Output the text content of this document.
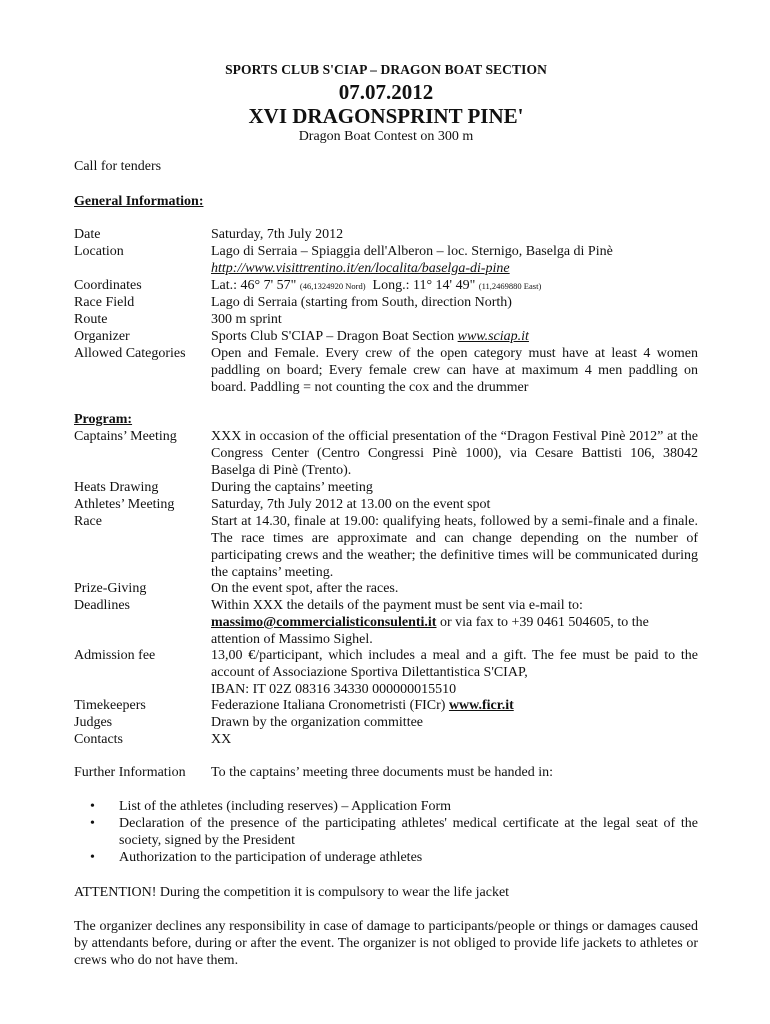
SPORTS CLUB S'CIAP – DRAGON BOAT SECTION
07.07.2012
XVI DRAGONSPRINT PINE'
Dragon Boat Contest on 300 m
Call for tenders
General Information:
Date	Saturday, 7th July 2012
Location	Lago di Serraia – Spiaggia dell'Alberon – loc. Sternigo, Baselga di Pinè
http://www.visittrentino.it/en/localita/baselga-di-pine
Coordinates	Lat.: 46° 7' 57" (46,1324920 Nord) Long.: 11° 14' 49" (11,2469880 East)
Race Field	Lago di Serraia (starting from South, direction North)
Route	300 m sprint
Organizer	Sports Club S'CIAP – Dragon Boat Section www.sciap.it
Allowed Categories	Open and Female. Every crew of the open category must have at least 4 women paddling on board; Every female crew can have at maximum 4 men paddling on board. Paddling = not counting the cox and the drummer
Program:
Captains’ Meeting	XXX in occasion of the official presentation of the “Dragon Festival Pinè 2012” at the Congress Center (Centro Congressi Pinè 1000), via Cesare Battisti 106, 38042 Baselga di Pinè (Trento).
Heats Drawing	During the captains’ meeting
Athletes’ Meeting	Saturday, 7th July 2012 at 13.00 on the event spot
Race	Start at 14.30, finale at 19.00: qualifying heats, followed by a semi-finale and a finale. The race times are approximate and can change depending on the number of participating crews and the weather; the definitive times will be communicated during the captains’ meeting.
Prize-Giving	On the event spot, after the races.
Deadlines	Within XXX the details of the payment must be sent via e-mail to:
massimo@commercialisticonsulenti.it or via fax to +39 0461 504605, to the attention of Massimo Sighel.
Admission fee	13,00 €/participant, which includes a meal and a gift. The fee must be paid to the account of Associazione Sportiva Dilettantistica S'CIAP,
IBAN: IT 02Z 08316 34330 000000015510
Timekeepers	Federazione Italiana Cronometristi (FICr) www.ficr.it
Judges	Drawn by the organization committee
Contacts	XX
Further Information	To the captains’ meeting three documents must be handed in:
• List of the athletes (including reserves) – Application Form
• Declaration of the presence of the participating athletes' medical certificate at the legal seat of the society, signed by the President
• Authorization to the participation of underage athletes
ATTENTION! During the competition it is compulsory to wear the life jacket
The organizer declines any responsibility in case of damage to participants/people or things or damages caused by attendants before, during or after the event. The organizer is not obliged to provide life jackets to athletes or crews who do not have them.
